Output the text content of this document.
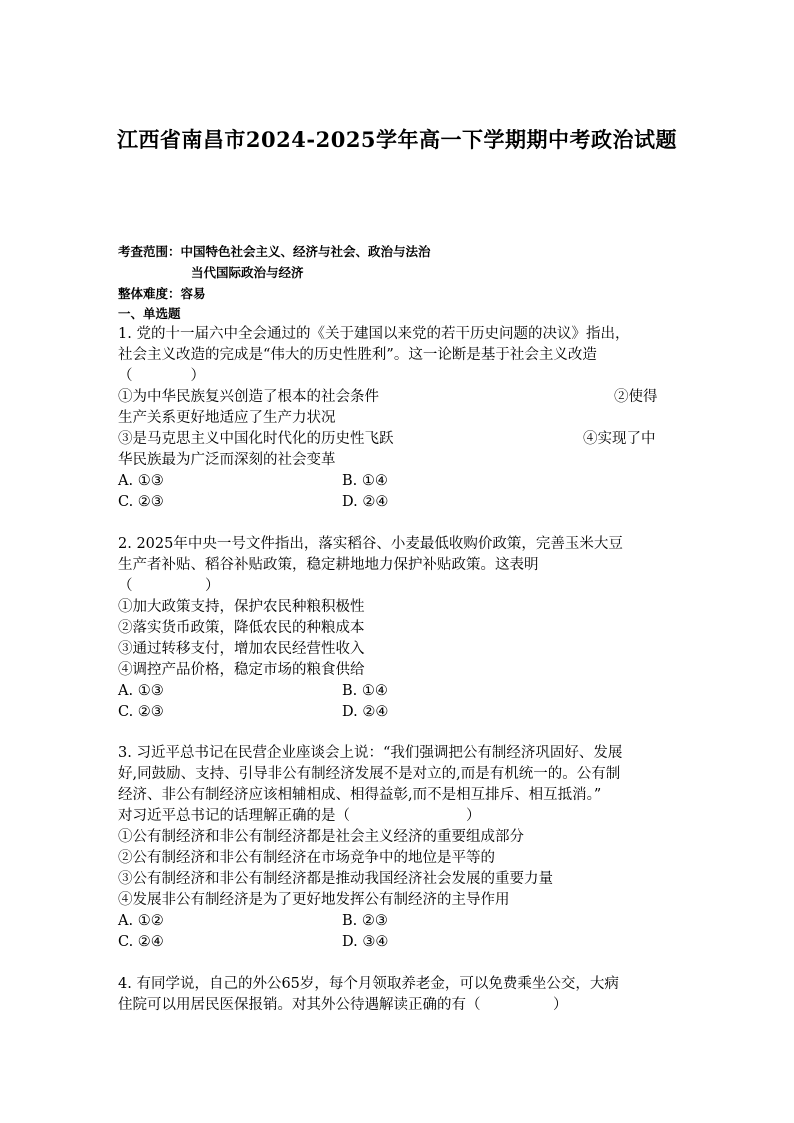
江西省南昌市2024-2025学年高一下学期期中考政治试题
考查范围：中国特色社会主义、经济与社会、政治与法治
当代国际政治与经济
整体难度：容易
一、单选题
1. 党的十一届六中全会通过的《关于建国以来党的若干历史问题的决议》指出，
社会主义改造的完成是“伟大的历史性胜利”。这一论断是基于社会主义改造
（　　　　）
①为中华民族复兴创造了根本的社会条件	②使得
生产关系更好地适应了生产力状况
③是马克思主义中国化时代化的历史性飞跃	④实现了中
华民族最为广泛而深刻的社会变革
A. ①③	B. ①④
C. ②③	D. ②④
2. 2025年中央一号文件指出，落实稻谷、小麦最低收购价政策，完善玉米大豆
生产者补贴、稻谷补贴政策，稳定耕地地力保护补贴政策。这表明
（　　　　　）
①加大政策支持，保护农民种粮积极性
②落实货币政策，降低农民的种粮成本
③通过转移支付，增加农民经营性收入
④调控产品价格，稳定市场的粮食供给
A. ①③	B. ①④
C. ②③	D. ②④
3. 习近平总书记在民营企业座谈会上说：“我们强调把公有制经济巩固好、发展
好,同鼓励、支持、引导非公有制经济发展不是对立的,而是有机统一的。公有制
经济、非公有制经济应该相辅相成、相得益彰,而不是相互排斥、相互抵消。”
对习近平总书记的话理解正确的是（　　　　　　　　）
①公有制经济和非公有制经济都是社会主义经济的重要组成部分
②公有制经济和非公有制经济在市场竞争中的地位是平等的
③公有制经济和非公有制经济都是推动我国经济社会发展的重要力量
④发展非公有制经济是为了更好地发挥公有制经济的主导作用
A. ①②	B. ②③
C. ②④	D. ③④
4. 有同学说，自己的外公65岁，每个月领取养老金，可以免费乘坐公交，大病
住院可以用居民医保报销。对其外公待遇解读正确的有（　　　　　）
